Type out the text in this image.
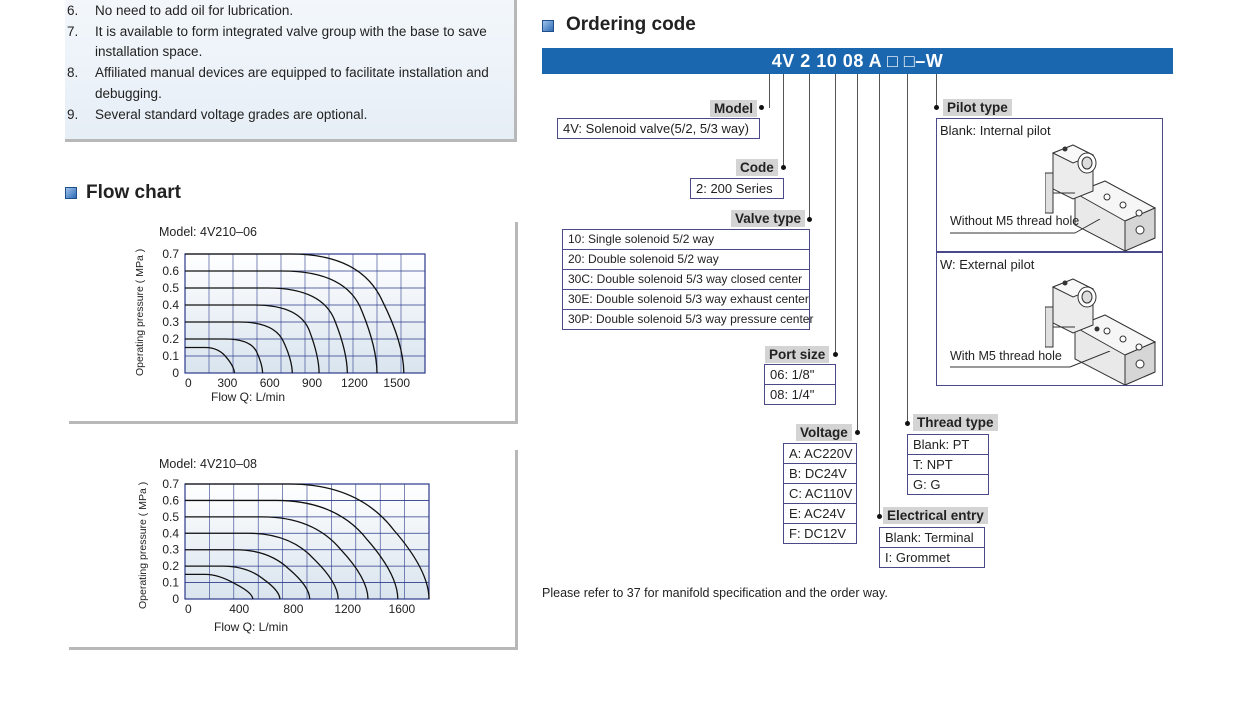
6. No need to add oil for lubrication.
7. It is available to form integrated valve group with the base to save installation space.
8. Affiliated manual devices are equipped to facilitate installation and debugging.
9. Several standard voltage grades are optional.
Flow chart
Model: 4V210–06
0
0.1
0.2
0.3
0.4
0.5
0.6
0.7
0 300 600 900 1200 1500
Operating pressure ( MPa )
Flow Q: L/min
Model: 4V210–08
0
0.1
0.2
0.3
0.4
0.5
0.6
0.7
0	400	800	1200 1600
Operating pressure ( MPa )
Flow Q: L/min
Ordering code
4V 2 10 08 A □ □–W
Model
4V: Solenoid valve(5/2, 5/3 way)
Code
2: 200 Series
Valve type
10: Single solenoid 5/2 way
20: Double solenoid 5/2 way
30C: Double solenoid 5/3 way closed center
30E: Double solenoid 5/3 way exhaust center
30P: Double solenoid 5/3 way pressure center
Port size
06: 1/8"
08: 1/4"
Voltage
A: AC220V
B: DC24V
C: AC110V
E: AC24V
F: DC12V
Electrical entry
Blank: Terminal
I: Grommet
Thread type
Blank: PT
T: NPT
G: G
Pilot type
Blank: Internal pilot
Without M5 thread hole
W: External pilot
With M5 thread hole
Please refer to 37 for manifold specification and the order way.
